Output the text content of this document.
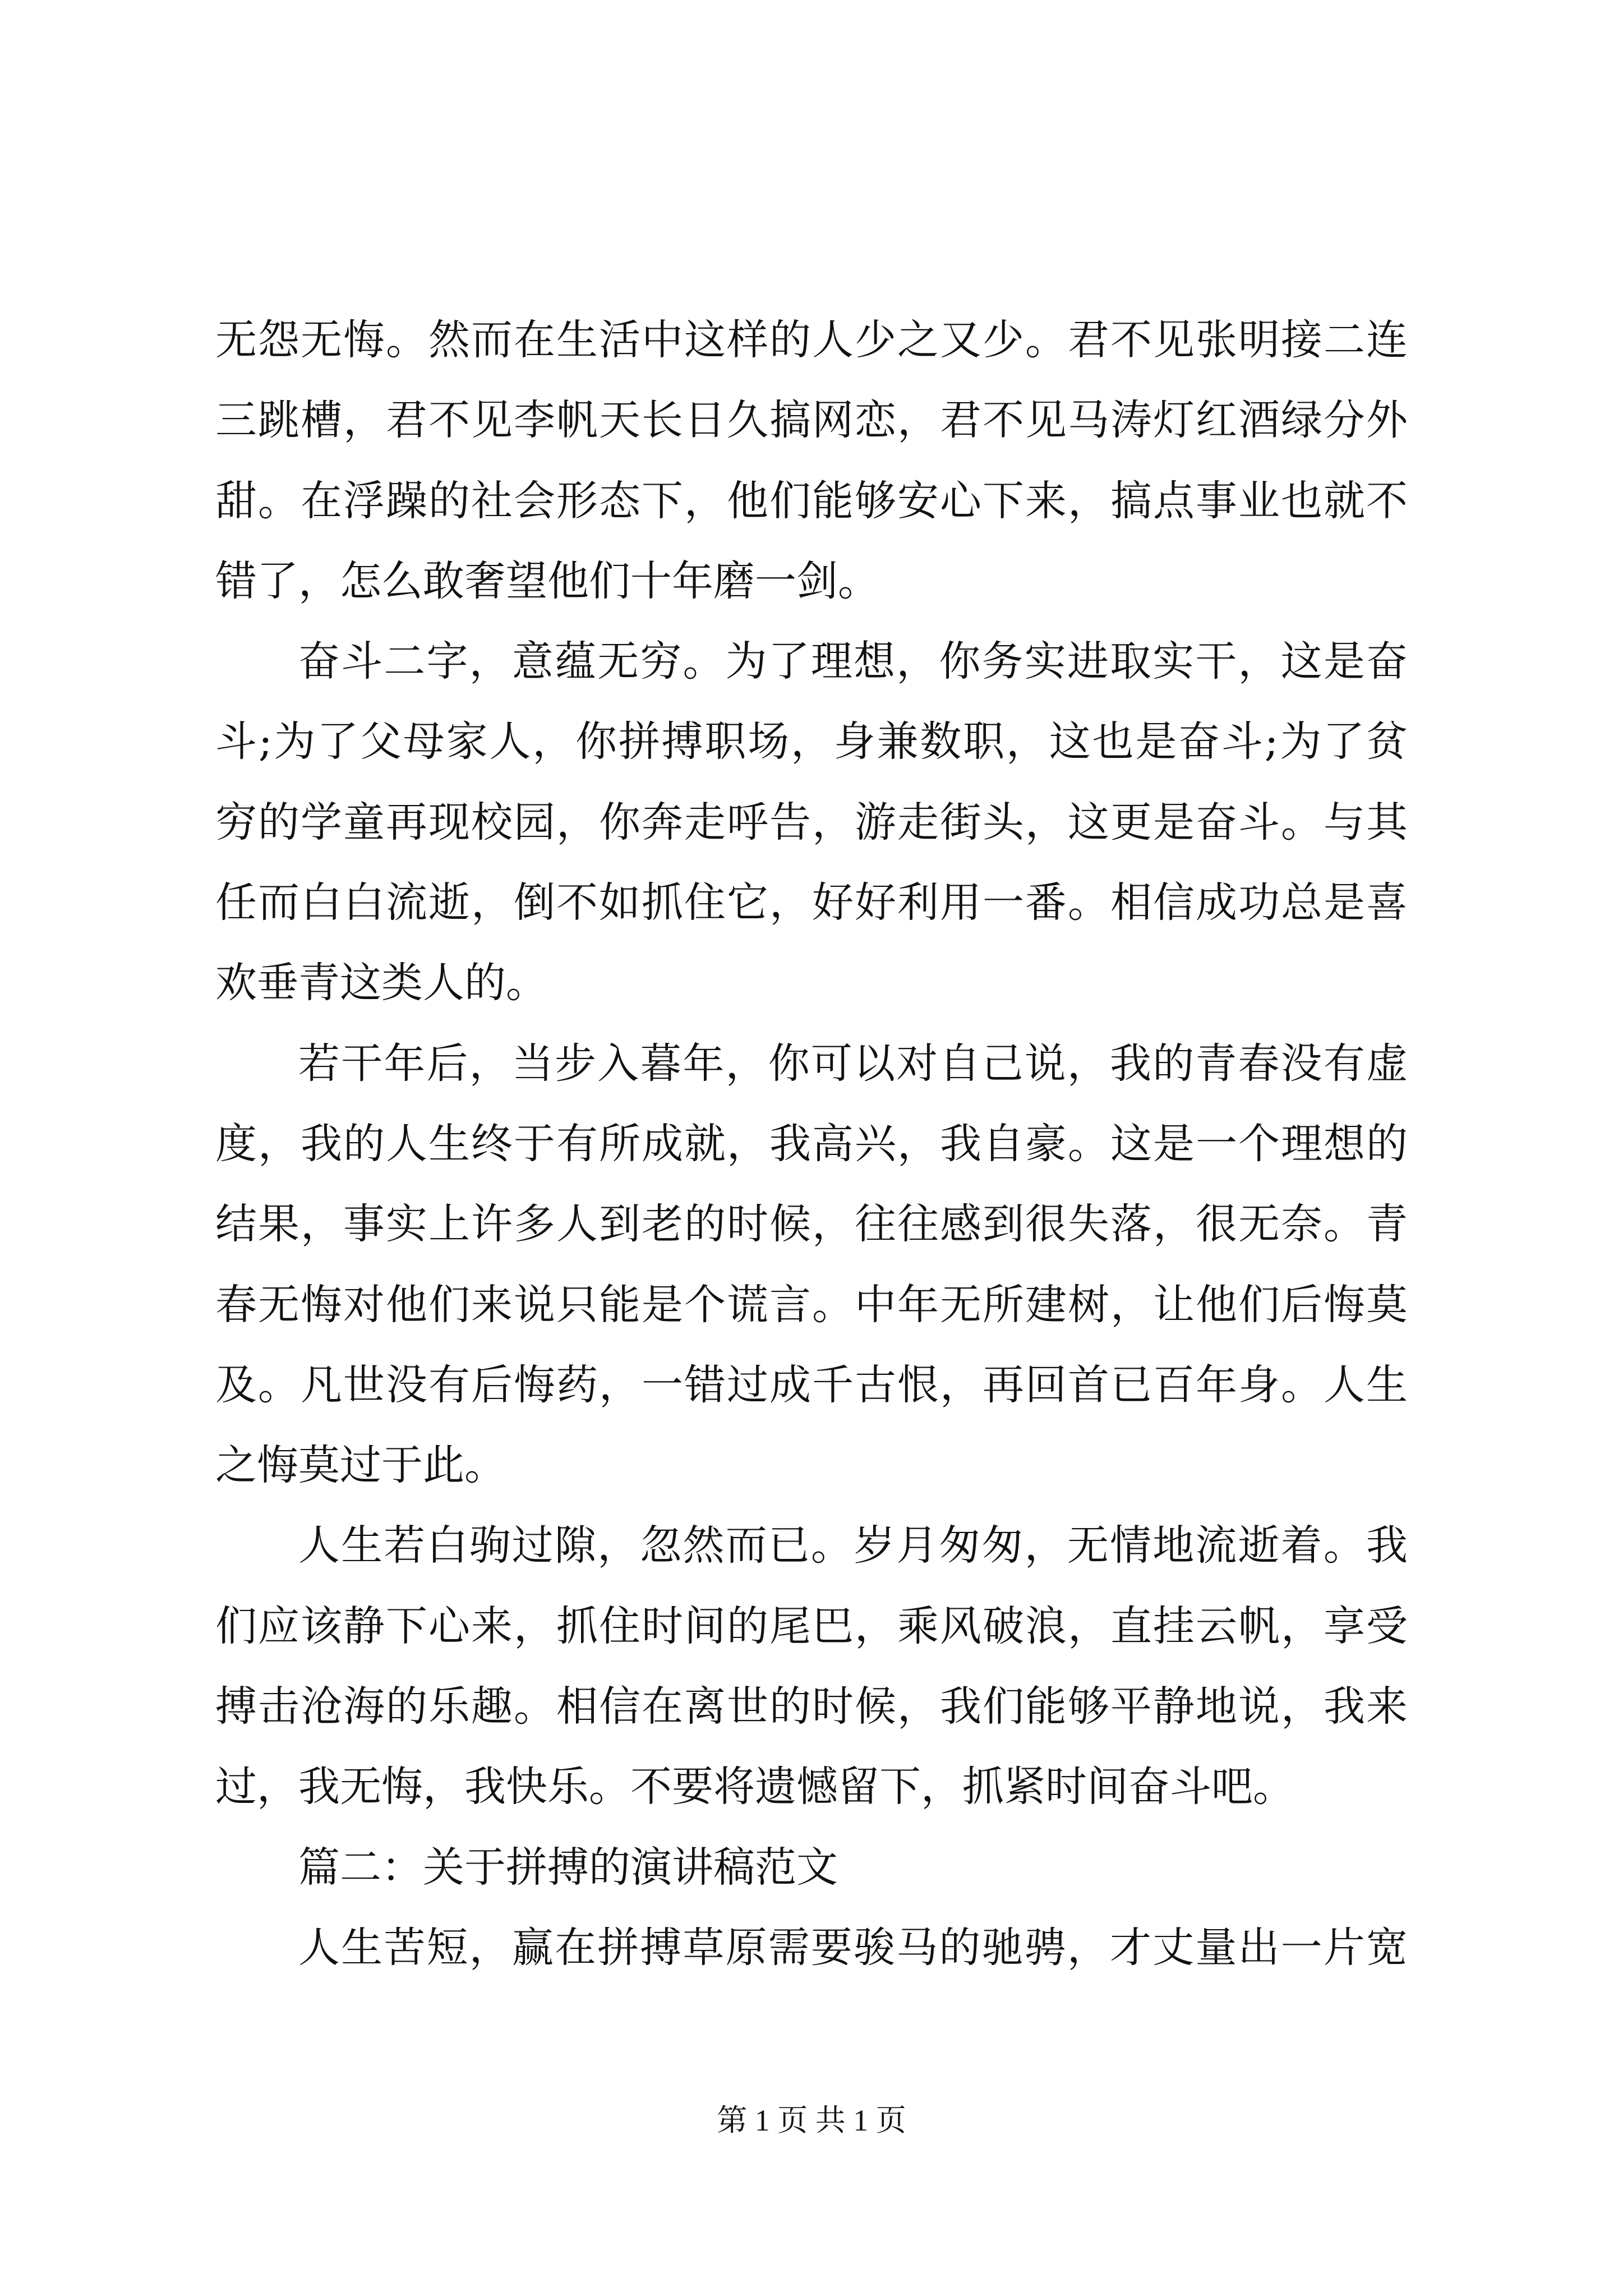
无怨无悔。然而在生活中这样的人少之又少。君不见张明接二连
三跳槽，君不见李帆天长日久搞网恋，君不见马涛灯红酒绿分外
甜。在浮躁的社会形态下，他们能够安心下来，搞点事业也就不
错了，怎么敢奢望他们十年磨一剑。
奋斗二字，意蕴无穷。为了理想，你务实进取实干，这是奋
斗;为了父母家人，你拼搏职场，身兼数职，这也是奋斗;为了贫
穷的学童再现校园，你奔走呼告，游走街头，这更是奋斗。与其
任而白白流逝，倒不如抓住它，好好利用一番。相信成功总是喜
欢垂青这类人的。
若干年后，当步入暮年，你可以对自己说，我的青春没有虚
度，我的人生终于有所成就，我高兴，我自豪。这是一个理想的
结果，事实上许多人到老的时候，往往感到很失落，很无奈。青
春无悔对他们来说只能是个谎言。中年无所建树，让他们后悔莫
及。凡世没有后悔药，一错过成千古恨，再回首已百年身。人生
之悔莫过于此。
人生若白驹过隙，忽然而已。岁月匆匆，无情地流逝着。我
们应该静下心来，抓住时间的尾巴，乘风破浪，直挂云帆，享受
搏击沧海的乐趣。相信在离世的时候，我们能够平静地说，我来
过，我无悔，我快乐。不要将遗憾留下，抓紧时间奋斗吧。
篇二：关于拼搏的演讲稿范文
人生苦短，赢在拼搏草原需要骏马的驰骋，才丈量出一片宽
第 1 页 共 1 页
